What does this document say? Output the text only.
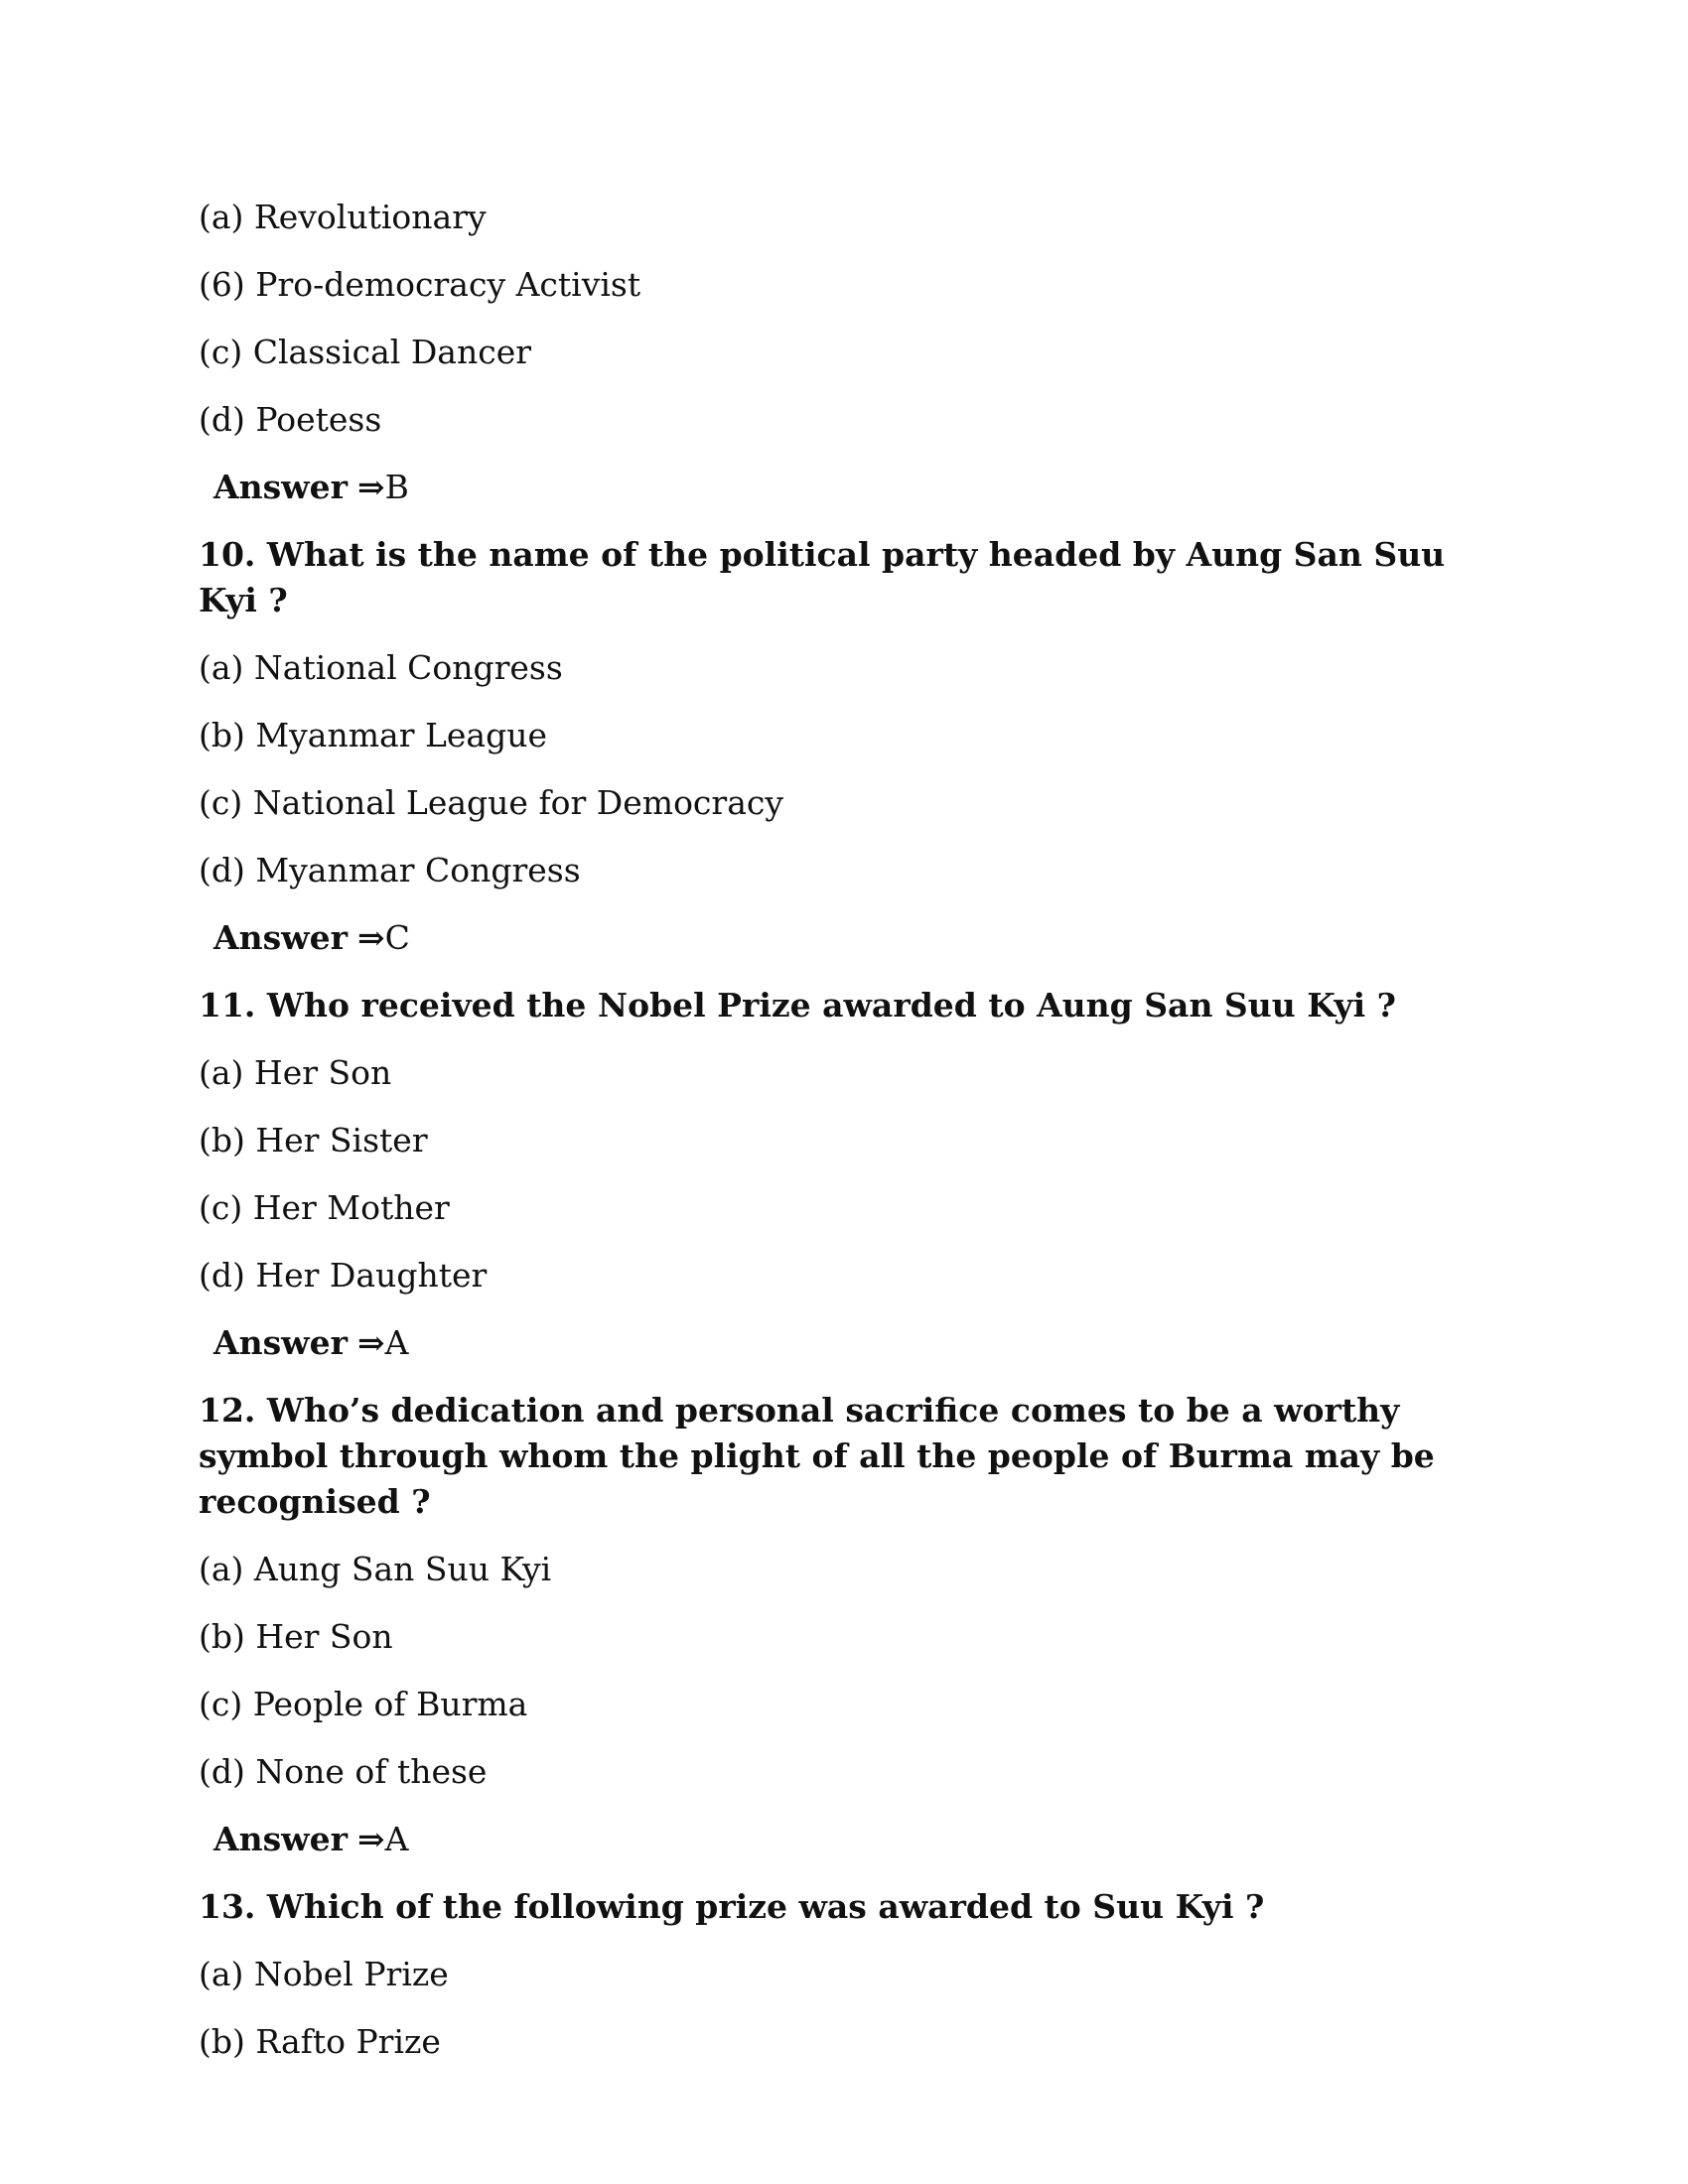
(a) Revolutionary
(6) Pro-democracy Activist
(c) Classical Dancer
(d) Poetess
Answer ⇒B
10. What is the name of the political party headed by Aung San Suu Kyi ?
(a) National Congress
(b) Myanmar League
(c) National League for Democracy
(d) Myanmar Congress
Answer ⇒C
11. Who received the Nobel Prize awarded to Aung San Suu Kyi ?
(a) Her Son
(b) Her Sister
(c) Her Mother
(d) Her Daughter
Answer ⇒A
12. Who’s dedication and personal sacrifice comes to be a worthy symbol through whom the plight of all the people of Burma may be recognised ?
(a) Aung San Suu Kyi
(b) Her Son
(c) People of Burma
(d) None of these
Answer ⇒A
13. Which of the following prize was awarded to Suu Kyi ?
(a) Nobel Prize
(b) Rafto Prize
